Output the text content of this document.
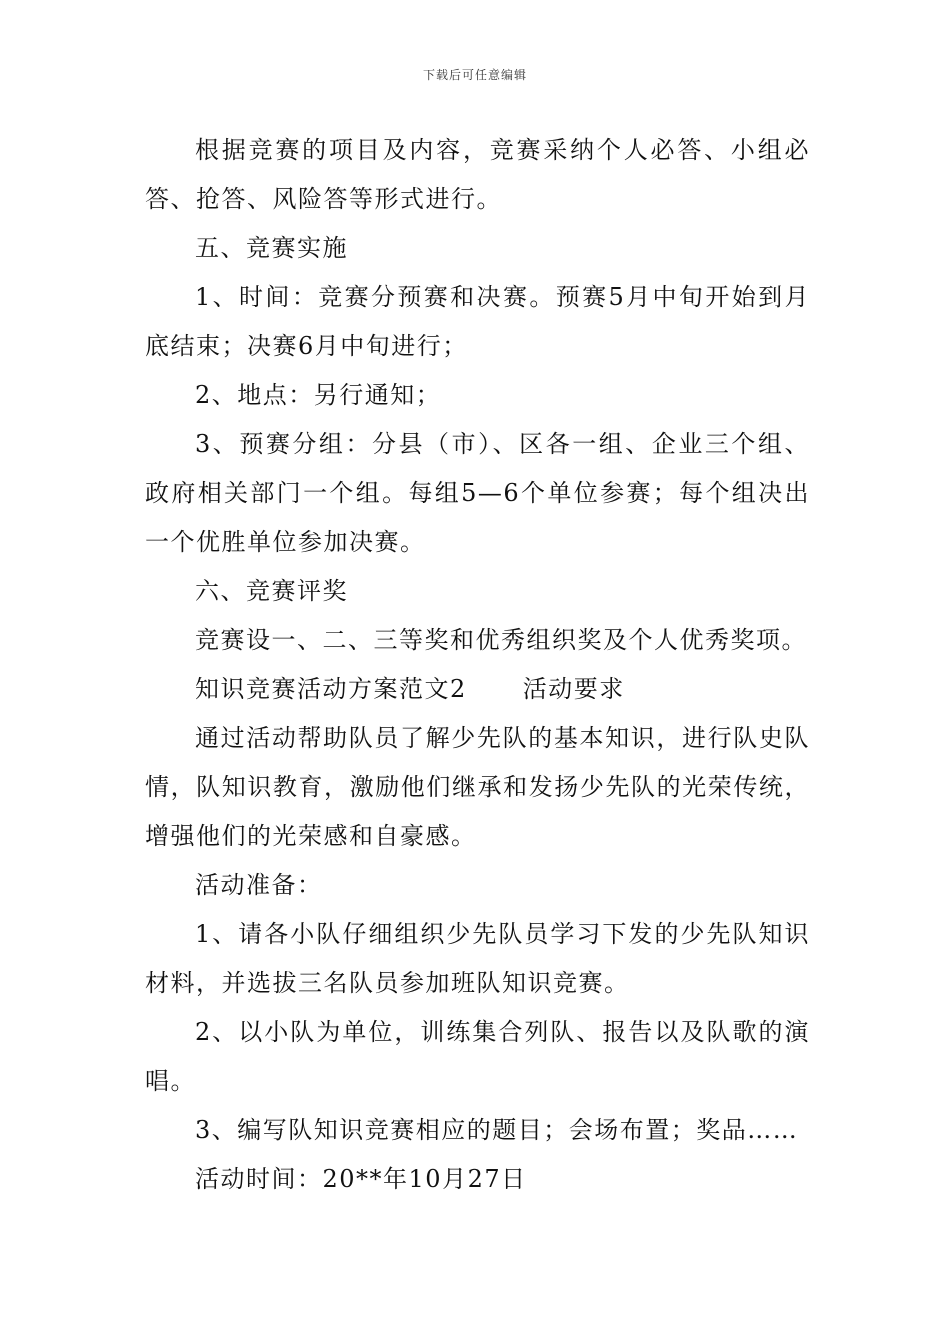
下载后可任意编辑

根据竞赛的项目及内容，竞赛采纳个人必答、小组必答、抢答、风险答等形式进行。

五、竞赛实施

1、时间：竞赛分预赛和决赛。预赛5月中旬开始到月底结束；决赛6月中旬进行；

2、地点：另行通知；

3、预赛分组：分县（市）、区各一组、企业三个组、政府相关部门一个组。每组5—6个单位参赛；每个组决出一个优胜单位参加决赛。

六、竞赛评奖

竞赛设一、二、三等奖和优秀组织奖及个人优秀奖项。

知识竞赛活动方案范文2 活动要求

通过活动帮助队员了解少先队的基本知识，进行队史队情，队知识教育，激励他们继承和发扬少先队的光荣传统，增强他们的光荣感和自豪感。

活动准备：

1、请各小队仔细组织少先队员学习下发的少先队知识材料，并选拔三名队员参加班队知识竞赛。

2、以小队为单位，训练集合列队、报告以及队歌的演唱。

3、编写队知识竞赛相应的题目；会场布置；奖品……

活动时间：20**年10月27日
